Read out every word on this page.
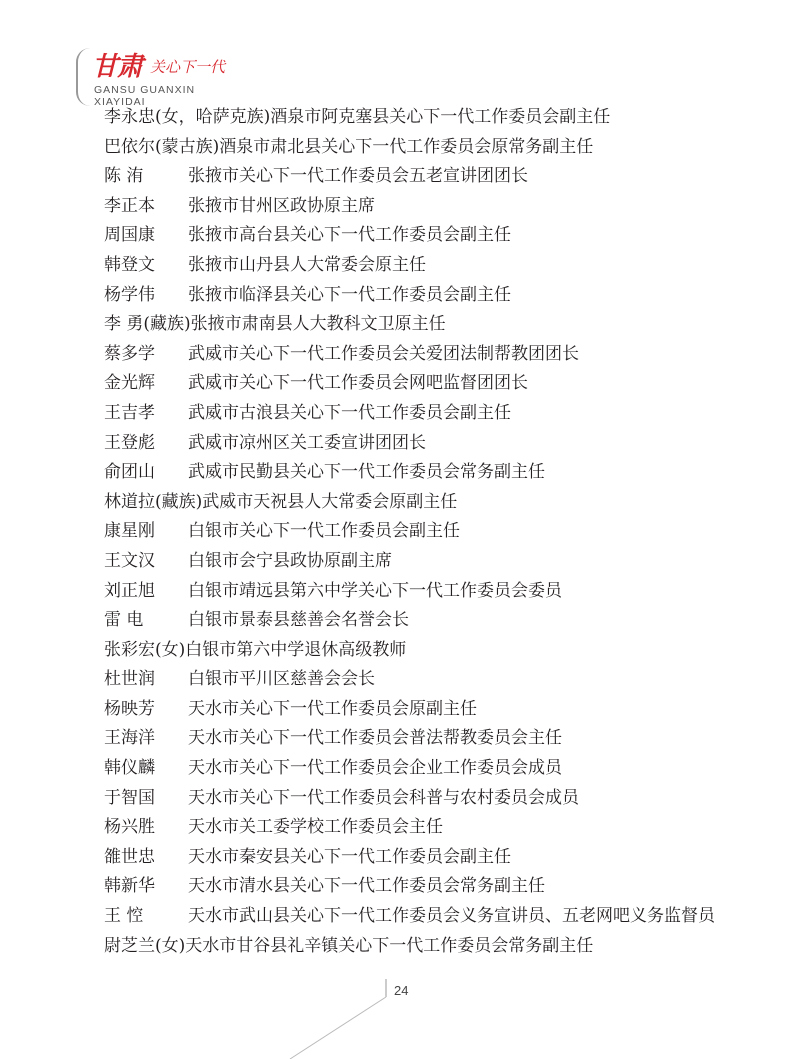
甘肃 关心下一代
GANSU GUANXIN
XIAYIDAI
李永忠(女，哈萨克族) 酒泉市阿克塞县关心下一代工作委员会副主任
巴依尔(蒙古族) 酒泉市肃北县关心下一代工作委员会原常务副主任
陈 洧	张掖市关心下一代工作委员会五老宣讲团团长
李正本	张掖市甘州区政协原主席
周国康	张掖市高台县关心下一代工作委员会副主任
韩登文	张掖市山丹县人大常委会原主任
杨学伟	张掖市临泽县关心下一代工作委员会副主任
李 勇(藏族) 张掖市肃南县人大教科文卫原主任
蔡多学	武威市关心下一代工作委员会关爱团法制帮教团团长
金光辉	武威市关心下一代工作委员会网吧监督团团长
王吉孝	武威市古浪县关心下一代工作委员会副主任
王登彪	武威市凉州区关工委宣讲团团长
俞团山	武威市民勤县关心下一代工作委员会常务副主任
林道拉(藏族) 武威市天祝县人大常委会原副主任
康星刚	白银市关心下一代工作委员会副主任
王文汉	白银市会宁县政协原副主席
刘正旭	白银市靖远县第六中学关心下一代工作委员会委员
雷 电	白银市景泰县慈善会名誉会长
张彩宏(女) 白银市第六中学退休高级教师
杜世润	白银市平川区慈善会会长
杨映芳	天水市关心下一代工作委员会原副主任
王海洋	天水市关心下一代工作委员会普法帮教委员会主任
韩仪麟	天水市关心下一代工作委员会企业工作委员会成员
于智国	天水市关心下一代工作委员会科普与农村委员会成员
杨兴胜	天水市关工委学校工作委员会主任
雒世忠	天水市秦安县关心下一代工作委员会副主任
韩新华	天水市清水县关心下一代工作委员会常务副主任
王 悾	天水市武山县关心下一代工作委员会义务宣讲员、五老网吧义务监督员
尉芝兰(女) 天水市甘谷县礼辛镇关心下一代工作委员会常务副主任
24
